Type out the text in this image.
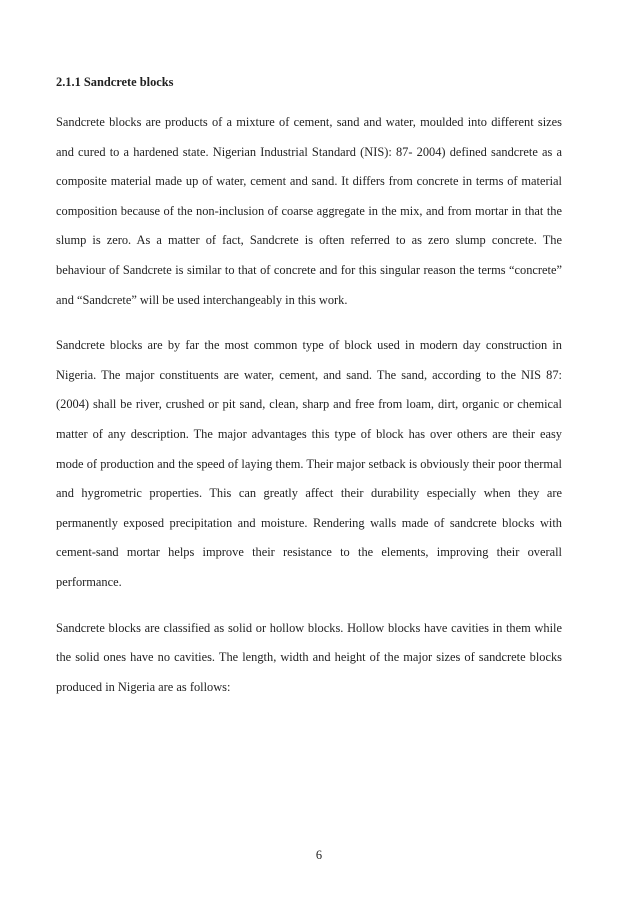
2.1.1 Sandcrete blocks

Sandcrete blocks are products of a mixture of cement, sand and water, moulded into different sizes and cured to a hardened state. Nigerian Industrial Standard (NIS): 87- 2004) defined sandcrete as a composite material made up of water, cement and sand. It differs from concrete in terms of material composition because of the non-inclusion of coarse aggregate in the mix, and from mortar in that the slump is zero. As a matter of fact, Sandcrete is often referred to as zero slump concrete. The behaviour of Sandcrete is similar to that of concrete and for this singular reason the terms “concrete” and “Sandcrete” will be used interchangeably in this work.

Sandcrete blocks are by far the most common type of block used in modern day construction in Nigeria. The major constituents are water, cement, and sand. The sand, according to the NIS 87: (2004) shall be river, crushed or pit sand, clean, sharp and free from loam, dirt, organic or chemical matter of any description. The major advantages this type of block has over others are their easy mode of production and the speed of laying them. Their major setback is obviously their poor thermal and hygrometric properties. This can greatly affect their durability especially when they are permanently exposed precipitation and moisture. Rendering walls made of sandcrete blocks with cement-sand mortar helps improve their resistance to the elements, improving their overall performance.

Sandcrete blocks are classified as solid or hollow blocks. Hollow blocks have cavities in them while the solid ones have no cavities. The length, width and height of the major sizes of sandcrete blocks produced in Nigeria are as follows:

6
